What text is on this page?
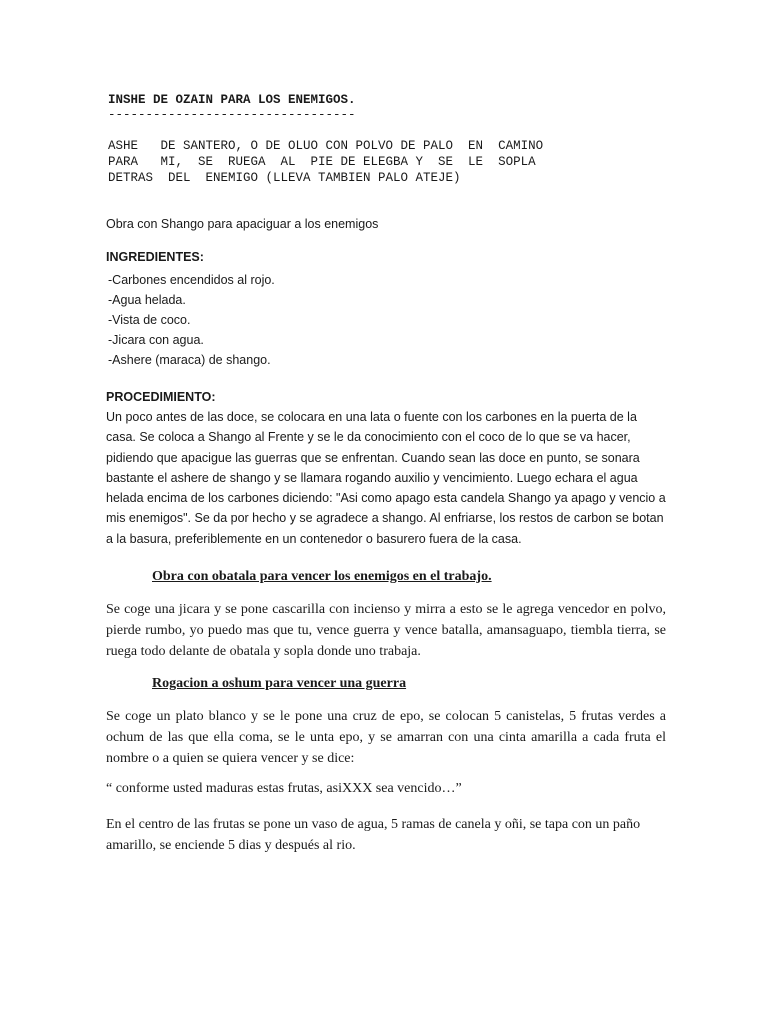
INSHE DE OZAIN PARA LOS ENEMIGOS.

---------------------------------

ASHE   DE SANTERO, O DE OLUO CON POLVO DE PALO  EN  CAMINO
PARA   MI,  SE  RUEGA  AL  PIE DE ELEGBA Y  SE  LE  SOPLA
DETRAS  DEL  ENEMIGO (LLEVA TAMBIEN PALO ATEJE)

Obra con Shango para apaciguar a los enemigos

INGREDIENTES:

-Carbones encendidos al rojo.
-Agua helada.
-Vista de coco.
-Jicara con agua.
-Ashere (maraca) de shango.

PROCEDIMIENTO:

Un poco antes de las doce, se colocara en una lata o fuente con los carbones en la puerta de la casa. Se coloca a Shango al Frente y se le da conocimiento con el coco de lo que se va hacer, pidiendo que apacigue las guerras que se enfrentan. Cuando sean las doce en punto, se sonara bastante el ashere de shango y se llamara rogando auxilio y vencimiento. Luego echara el agua helada encima de los carbones diciendo: "Asi como apago esta candela Shango ya apago y vencio a mis enemigos". Se da por hecho y se agradece a shango. Al enfriarse, los restos de carbon se botan a la basura, preferiblemente en un contenedor o basurero fuera de la casa.

Obra con obatala para vencer los enemigos en el trabajo.

Se coge una jicara y se pone cascarilla con incienso y mirra a esto se le agrega vencedor en polvo, pierde rumbo, yo puedo mas que tu, vence guerra y vence batalla, amansaguapo, tiembla tierra, se ruega todo delante de obatala y sopla donde uno trabaja.

Rogacion a oshum para vencer una guerra

Se coge un plato blanco y se le pone una cruz de epo, se colocan 5 canistelas, 5 frutas verdes a ochum de las que ella coma, se le unta epo, y se amarran con una cinta amarilla a cada fruta el nombre o a quien se quiera vencer y se dice:

“ conforme usted maduras estas frutas, asiXXX sea vencido…”

En el centro de las frutas se pone un vaso de agua, 5 ramas de canela y oñi, se tapa con un paño amarillo, se enciende 5 dias y después al rio.
